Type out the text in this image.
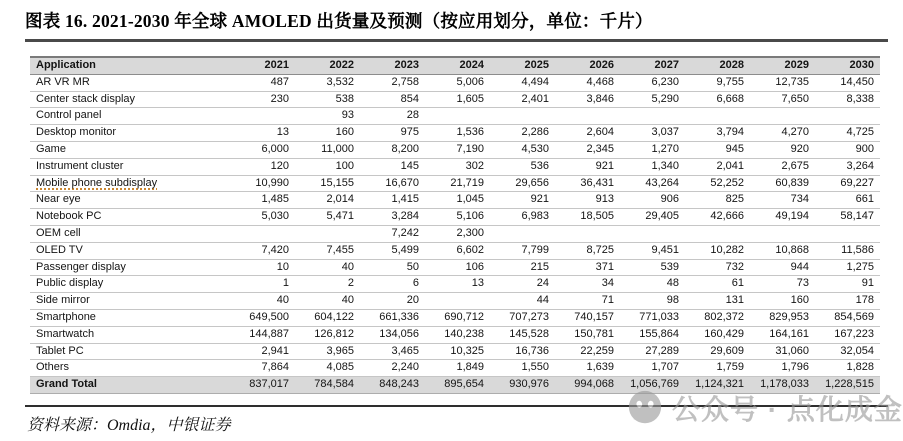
图表 16. 2021-2030 年全球 AMOLED 出货量及预测（按应用划分，单位：千片）
Application	2021	2022	2023	2024	2025	2026	2027	2028	2029	2030
AR VR MR	487	3,532	2,758	5,006	4,494	4,468	6,230	9,755	12,735	14,450
Center stack display	230	538	854	1,605	2,401	3,846	5,290	6,668	7,650	8,338
Control panel		93	28							
Desktop monitor	13	160	975	1,536	2,286	2,604	3,037	3,794	4,270	4,725
Game	6,000	11,000	8,200	7,190	4,530	2,345	1,270	945	920	900
Instrument cluster	120	100	145	302	536	921	1,340	2,041	2,675	3,264
Mobile phone subdisplay	10,990	15,155	16,670	21,719	29,656	36,431	43,264	52,252	60,839	69,227
Near eye	1,485	2,014	1,415	1,045	921	913	906	825	734	661
Notebook PC	5,030	5,471	3,284	5,106	6,983	18,505	29,405	42,666	49,194	58,147
OEM cell			7,242	2,300						
OLED TV	7,420	7,455	5,499	6,602	7,799	8,725	9,451	10,282	10,868	11,586
Passenger display	10	40	50	106	215	371	539	732	944	1,275
Public display	1	2	6	13	24	34	48	61	73	91
Side mirror	40	40	20		44	71	98	131	160	178
Smartphone	649,500	604,122	661,336	690,712	707,273	740,157	771,033	802,372	829,953	854,569
Smartwatch	144,887	126,812	134,056	140,238	145,528	150,781	155,864	160,429	164,161	167,223
Tablet PC	2,941	3,965	3,465	10,325	16,736	22,259	27,289	29,609	31,060	32,054
Others	7,864	4,085	2,240	1,849	1,550	1,639	1,707	1,759	1,796	1,828
Grand Total	837,017	784,584	848,243	895,654	930,976	994,068	1,056,769	1,124,321	1,178,033	1,228,515
资料来源：Omdia，中银证券
公众号 · 点化成金
